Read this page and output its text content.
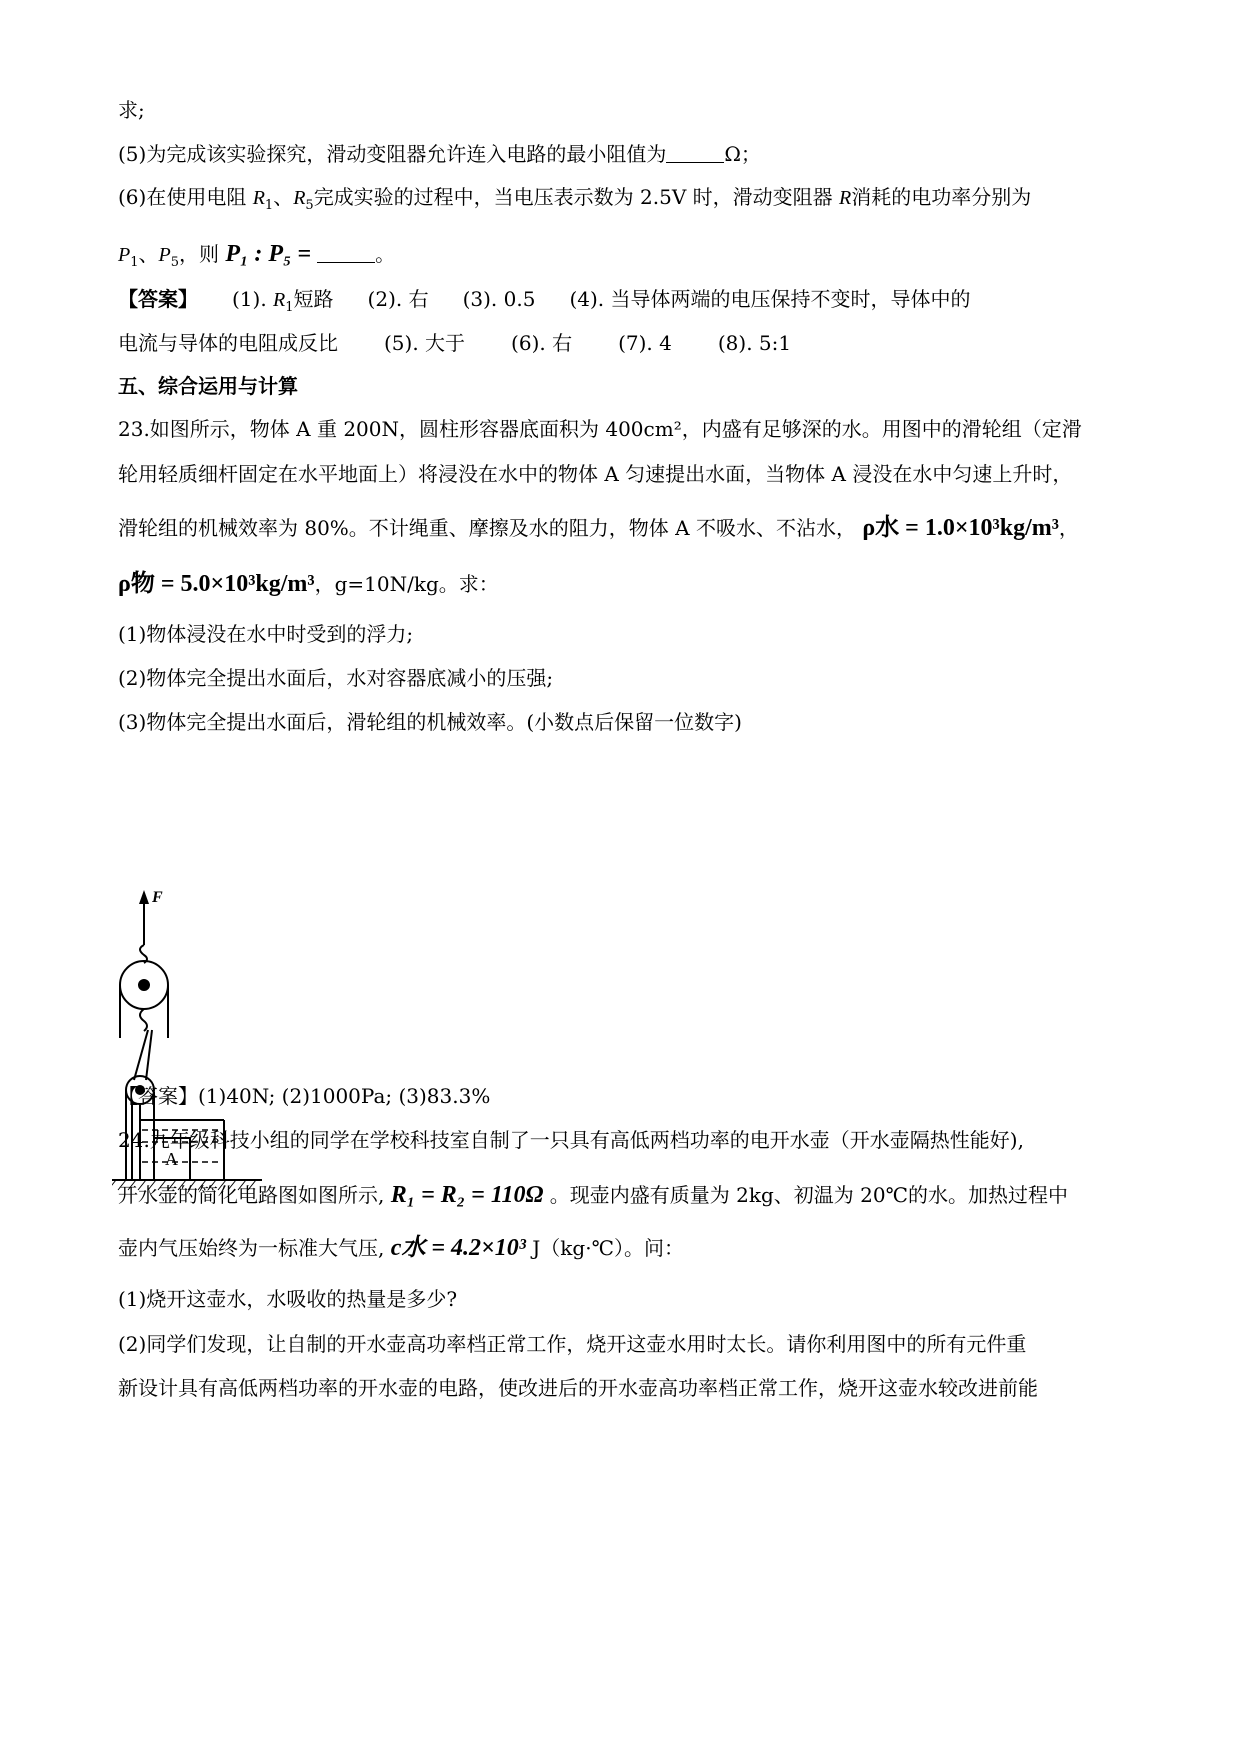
求;
(5)为完成该实验探究，滑动变阻器允许连入电路的最小阻值为	Ω；
(6)在使用电阻 $R_1$、$R_5$完成实验的过程中，当电压表示数为 2.5V 时，滑动变阻器 R消耗的电功率分别为
$P_1$、$P_5$，则 P₁ : P₅ =	。
【答案】 (1). $R_1$短路 (2). 右 (3). 0.5 (4). 当导体两端的电压保持不变时，导体中的
电流与导体的电阻成反比 (5). 大于 (6). 右 (7). 4 (8). 5:1
五、综合运用与计算
23.如图所示，物体 A 重 200N，圆柱形容器底面积为 400cm²，内盛有足够深的水。用图中的滑轮组（定滑
轮用轻质细杆固定在水平地面上）将浸没在水中的物体 A 匀速提出水面，当物体 A 浸没在水中匀速上升时，
滑轮组的机械效率为 80%。不计绳重、摩擦及水的阻力，物体 A 不吸水、不沾水， ρ水 = 1.0×10³kg/m³，
ρ物 = 5.0×10³kg/m³，g=10N/kg。求：
(1)物体浸没在水中时受到的浮力;
(2)物体完全提出水面后，水对容器底减小的压强;
(3)物体完全提出水面后，滑轮组的机械效率。(小数点后保留一位数字)
F
A
【答案】(1)40N; (2)1000Pa; (3)83.3%
24.九年级科技小组的同学在学校科技室自制了一只具有高低两档功率的电开水壶（开水壶隔热性能好),
开水壶的简化电路图如图所示, R₁ = R₂ = 110Ω 。现壶内盛有质量为 2kg、初温为 20℃的水。加热过程中
壶内气压始终为一标准大气压, c水 = 4.2×10³ J（kg·℃）。问：
(1)烧开这壶水，水吸收的热量是多少?
(2)同学们发现，让自制的开水壶高功率档正常工作，烧开这壶水用时太长。请你利用图中的所有元件重
新设计具有高低两档功率的开水壶的电路，使改进后的开水壶高功率档正常工作，烧开这壶水较改进前能
